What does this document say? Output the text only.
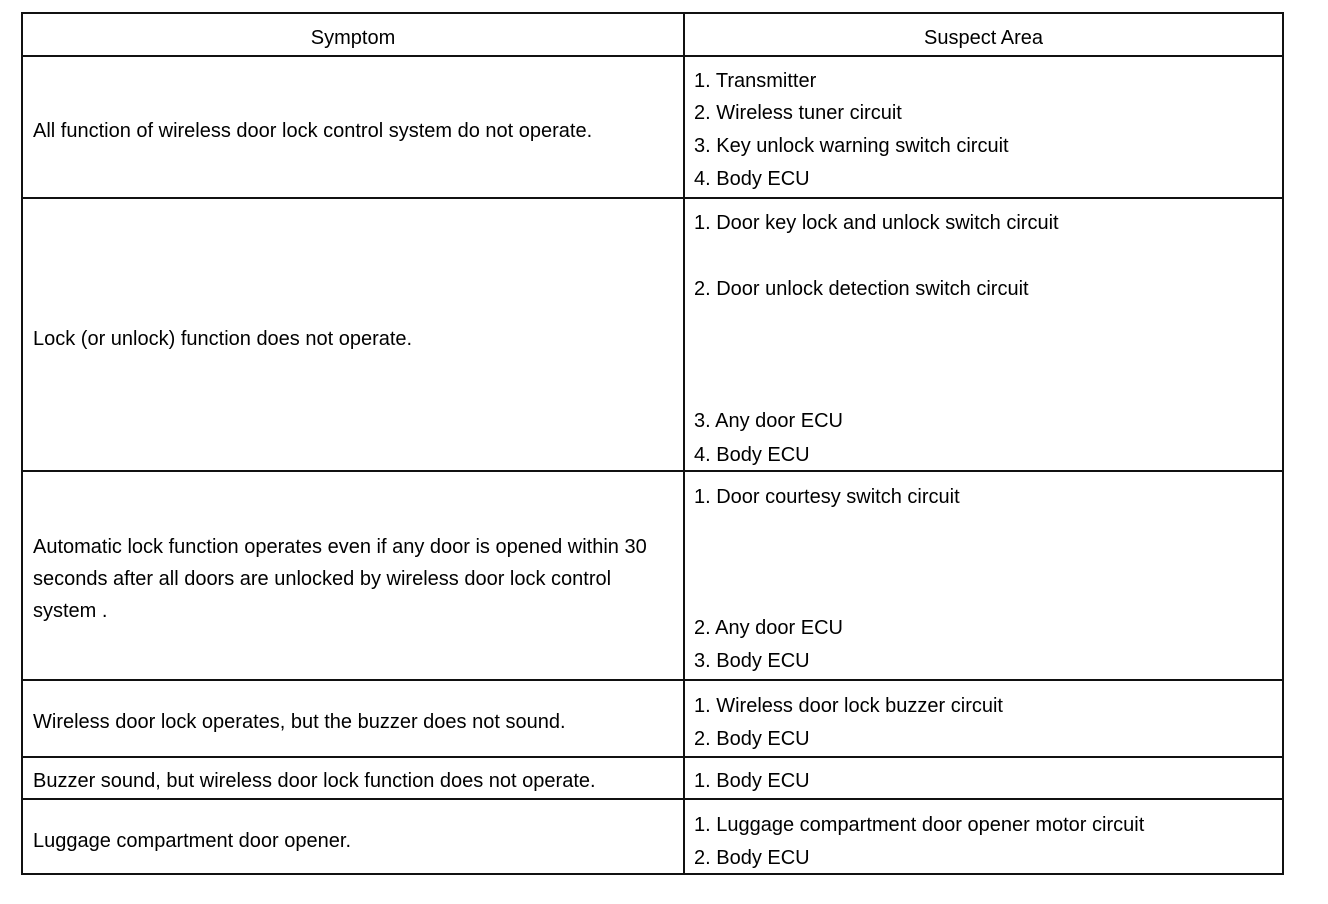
Symptom	Suspect Area
All function of wireless door lock control system do not operate.
1. Transmitter
2. Wireless tuner circuit
3. Key unlock warning switch circuit
4. Body ECU
Lock (or unlock) function does not operate.
1. Door key lock and unlock switch circuit
2. Door unlock detection switch circuit
3. Any door ECU
4. Body ECU
Automatic lock function operates even if any door is opened within 30 seconds after all doors are unlocked by wireless door lock control system .
1. Door courtesy switch circuit
2. Any door ECU
3. Body ECU
Wireless door lock operates, but the buzzer does not sound.
1. Wireless door lock buzzer circuit
2. Body ECU
Buzzer sound, but wireless door lock function does not operate.	1. Body ECU
Luggage compartment door opener.
1. Luggage compartment door opener motor circuit
2. Body ECU
